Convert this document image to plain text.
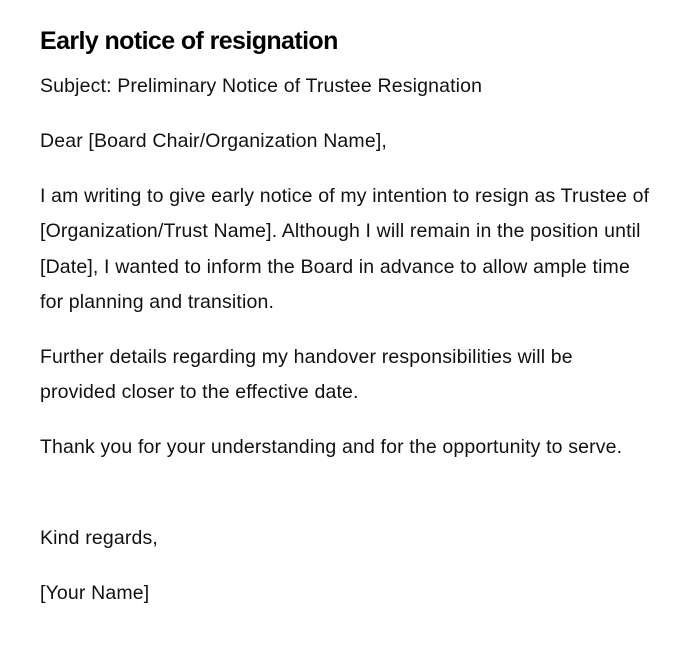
Early notice of resignation

Subject: Preliminary Notice of Trustee Resignation

Dear [Board Chair/Organization Name],

I am writing to give early notice of my intention to resign as Trustee of [Organization/Trust Name]. Although I will remain in the position until [Date], I wanted to inform the Board in advance to allow ample time for planning and transition.

Further details regarding my handover responsibilities will be provided closer to the effective date.

Thank you for your understanding and for the opportunity to serve.

Kind regards,

[Your Name]
